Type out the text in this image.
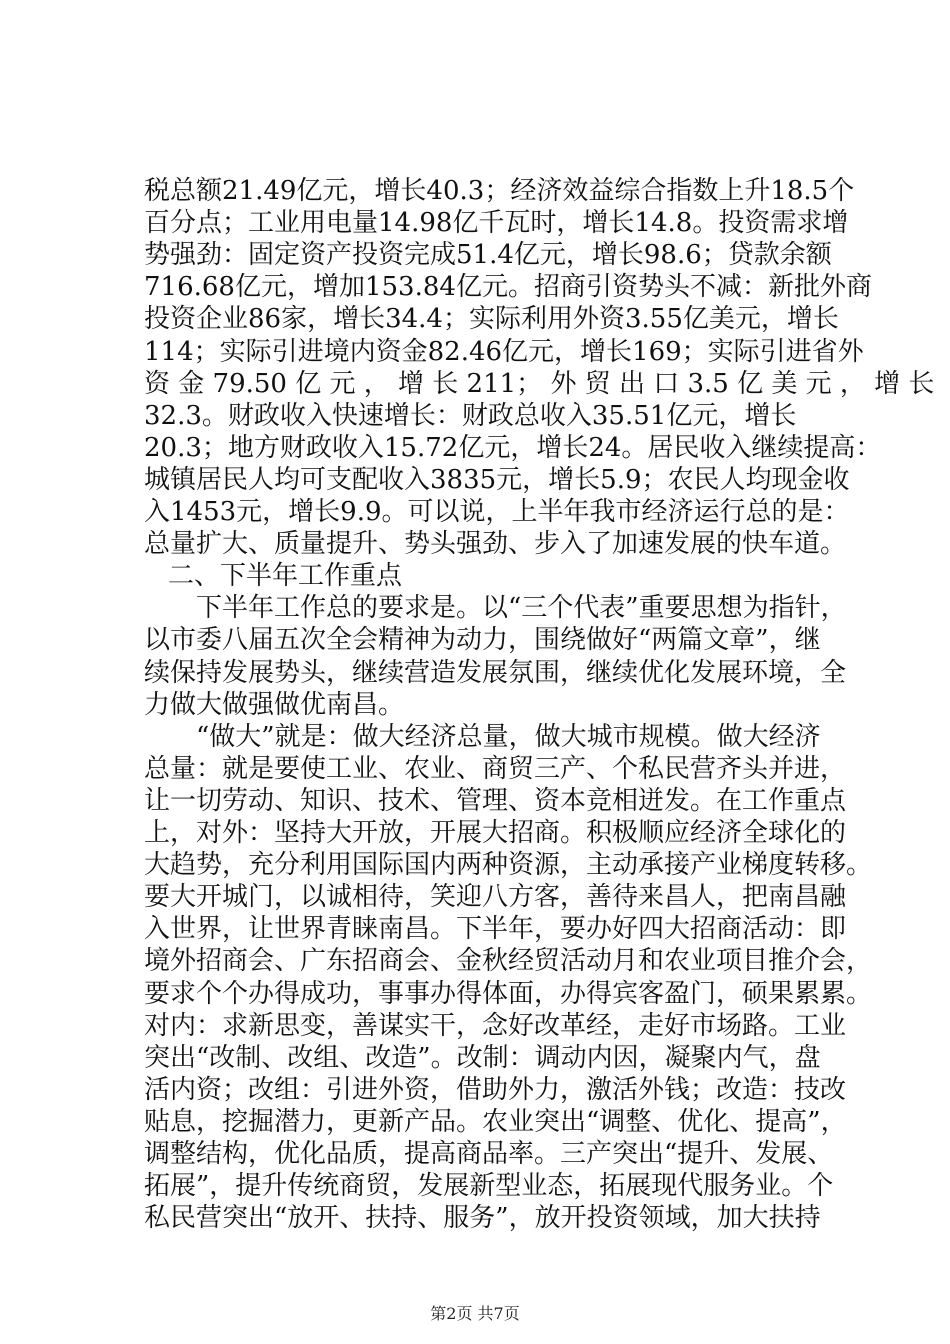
税总额21.49亿元，增长40.3；经济效益综合指数上升18.5个
百分点；工业用电量14.98亿千瓦时，增长14.8。投资需求增
势强劲：固定资产投资完成51.4亿元，增长98.6；贷款余额
716.68亿元，增加153.84亿元。招商引资势头不减：新批外商
投资企业86家，增长34.4；实际利用外资3.55亿美元，增长
114；实际引进境内资金82.46亿元，增长169；实际引进省外
资 金 79.50 亿 元 ， 增 长 211； 外 贸 出 口 3.5 亿 美 元 ， 增 长
32.3。财政收入快速增长：财政总收入35.51亿元，增长
20.3；地方财政收入15.72亿元，增长24。居民收入继续提高：
城镇居民人均可支配收入3835元，增长5.9；农民人均现金收
入1453元，增长9.9。可以说，上半年我市经济运行总的是：
总量扩大、质量提升、势头强劲、步入了加速发展的快车道。
二、下半年工作重点
下半年工作总的要求是。以“三个代表”重要思想为指针，
以市委八届五次全会精神为动力，围绕做好“两篇文章”，继
续保持发展势头，继续营造发展氛围，继续优化发展环境，全
力做大做强做优南昌。
“做大”就是：做大经济总量，做大城市规模。做大经济
总量：就是要使工业、农业、商贸三产、个私民营齐头并进，
让一切劳动、知识、技术、管理、资本竞相迸发。在工作重点
上，对外：坚持大开放，开展大招商。积极顺应经济全球化的
大趋势，充分利用国际国内两种资源，主动承接产业梯度转移。
要大开城门，以诚相待，笑迎八方客，善待来昌人，把南昌融
入世界，让世界青睐南昌。下半年，要办好四大招商活动：即
境外招商会、广东招商会、金秋经贸活动月和农业项目推介会，
要求个个办得成功，事事办得体面，办得宾客盈门，硕果累累。
对内：求新思变，善谋实干，念好改革经，走好市场路。工业
突出“改制、改组、改造”。改制：调动内因，凝聚内气，盘
活内资；改组：引进外资，借助外力，激活外钱；改造：技改
贴息，挖掘潜力，更新产品。农业突出“调整、优化、提高”，
调整结构，优化品质，提高商品率。三产突出“提升、发展、
拓展”，提升传统商贸，发展新型业态，拓展现代服务业。个
私民营突出“放开、扶持、服务”，放开投资领域，加大扶持
第2页 共7页
